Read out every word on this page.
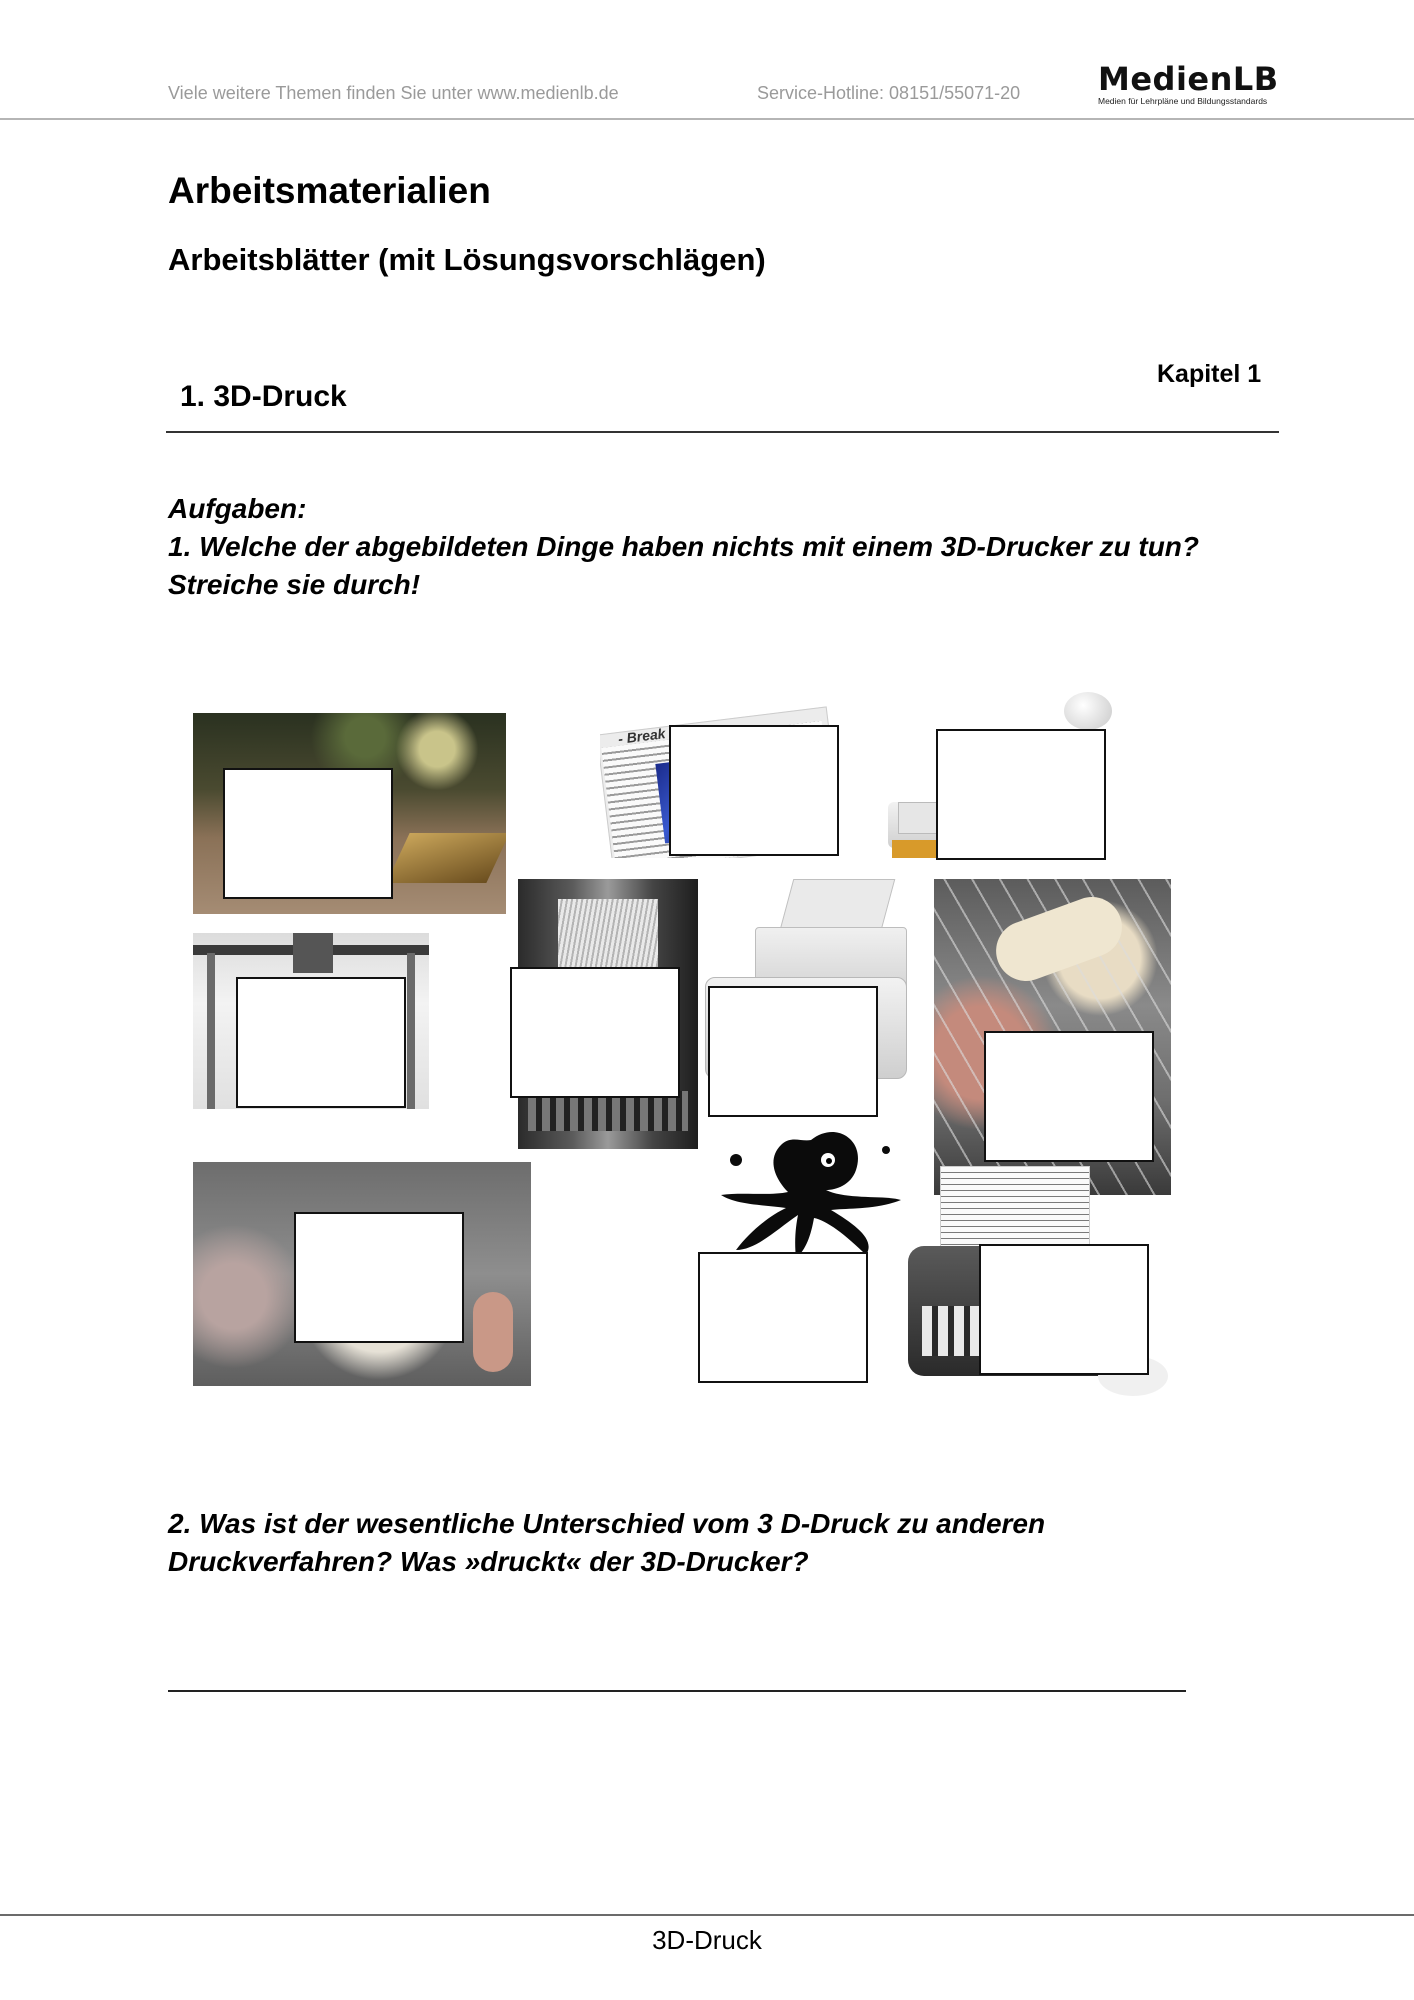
Viele weitere Themen finden Sie unter www.medienlb.de	Service-Hotline: 08151/55071-20 MedienLB
Medien für Lehrpläne und Bildungsstandards
Arbeitsmaterialien
Arbeitsblätter (mit Lösungsvorschlägen)
Kapitel 1
1. 3D-Druck
Aufgaben:
1. Welche der abgebildeten Dinge haben nichts mit einem 3D-Drucker zu tun?
Streiche sie durch!
- Break
2. Was ist der wesentliche Unterschied vom 3 D-Druck zu anderen
Druckverfahren? Was »druckt« der 3D-Drucker?
3D-Druck
